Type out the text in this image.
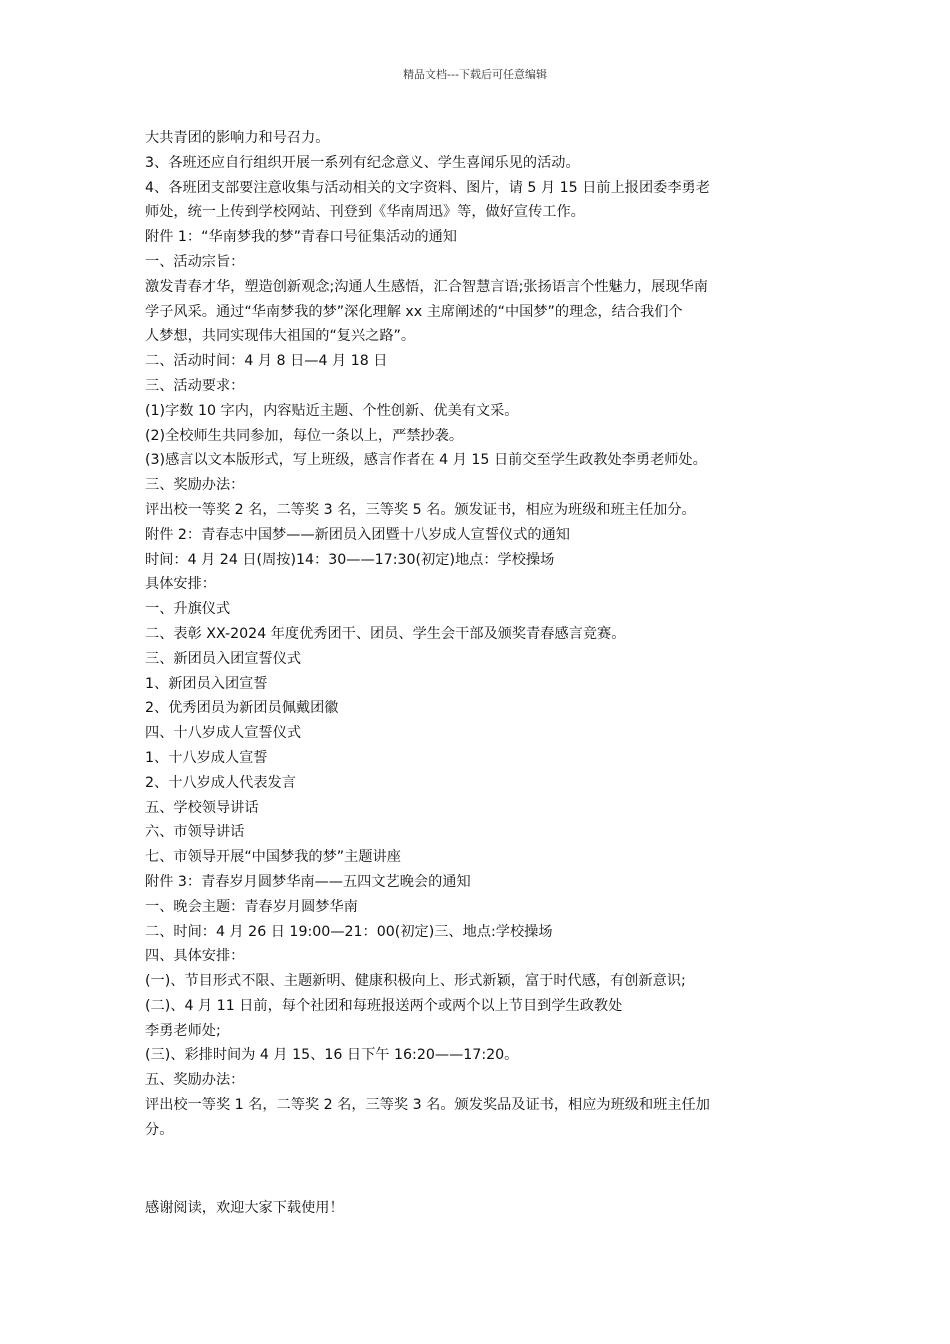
精品文档---下载后可任意编辑
大共青团的影响力和号召力。
3、各班还应自行组织开展一系列有纪念意义、学生喜闻乐见的活动。
4、各班团支部要注意收集与活动相关的文字资料、图片，请 5 月 15 日前上报团委李勇老
师处，统一上传到学校网站、刊登到《华南周迅》等，做好宣传工作。
附件 1：“华南梦我的梦”青春口号征集活动的通知
一、活动宗旨：
激发青春才华，塑造创新观念;沟通人生感悟，汇合智慧言语;张扬语言个性魅力，展现华南
学子风采。通过“华南梦我的梦”深化理解 xx 主席阐述的“中国梦”的理念，结合我们个
人梦想，共同实现伟大祖国的“复兴之路”。
二、活动时间：4 月 8 日—4 月 18 日
三、活动要求：
(1)字数 10 字内，内容贴近主题、个性创新、优美有文采。
(2)全校师生共同参加，每位一条以上，严禁抄袭。
(3)感言以文本版形式，写上班级，感言作者在 4 月 15 日前交至学生政教处李勇老师处。
三、奖励办法：
评出校一等奖 2 名，二等奖 3 名，三等奖 5 名。颁发证书，相应为班级和班主任加分。
附件 2：青春志中国梦——新团员入团暨十八岁成人宣誓仪式的通知
时间：4 月 24 日(周按)14：30——17:30(初定)地点：学校操场
具体安排：
一、升旗仪式
二、表彰 XX-2024 年度优秀团干、团员、学生会干部及颁奖青春感言竞赛。
三、新团员入团宣誓仪式
1、新团员入团宣誓
2、优秀团员为新团员佩戴团徽
四、十八岁成人宣誓仪式
1、十八岁成人宣誓
2、十八岁成人代表发言
五、学校领导讲话
六、市领导讲话
七、市领导开展“中国梦我的梦”主题讲座
附件 3：青春岁月圆梦华南——五四文艺晚会的通知
一、晚会主题：青春岁月圆梦华南
二、时间：4 月 26 日 19:00—21：00(初定)三、地点:学校操场
四、具体安排：
(一)、节目形式不限、主题新明、健康积极向上、形式新颖，富于时代感，有创新意识;
(二)、4 月 11 日前，每个社团和每班报送两个或两个以上节目到学生政教处
李勇老师处;
(三)、彩排时间为 4 月 15、16 日下午 16:20——17:20。
五、奖励办法：
评出校一等奖 1 名，二等奖 2 名，三等奖 3 名。颁发奖品及证书，相应为班级和班主任加
分。
感谢阅读，欢迎大家下载使用！
